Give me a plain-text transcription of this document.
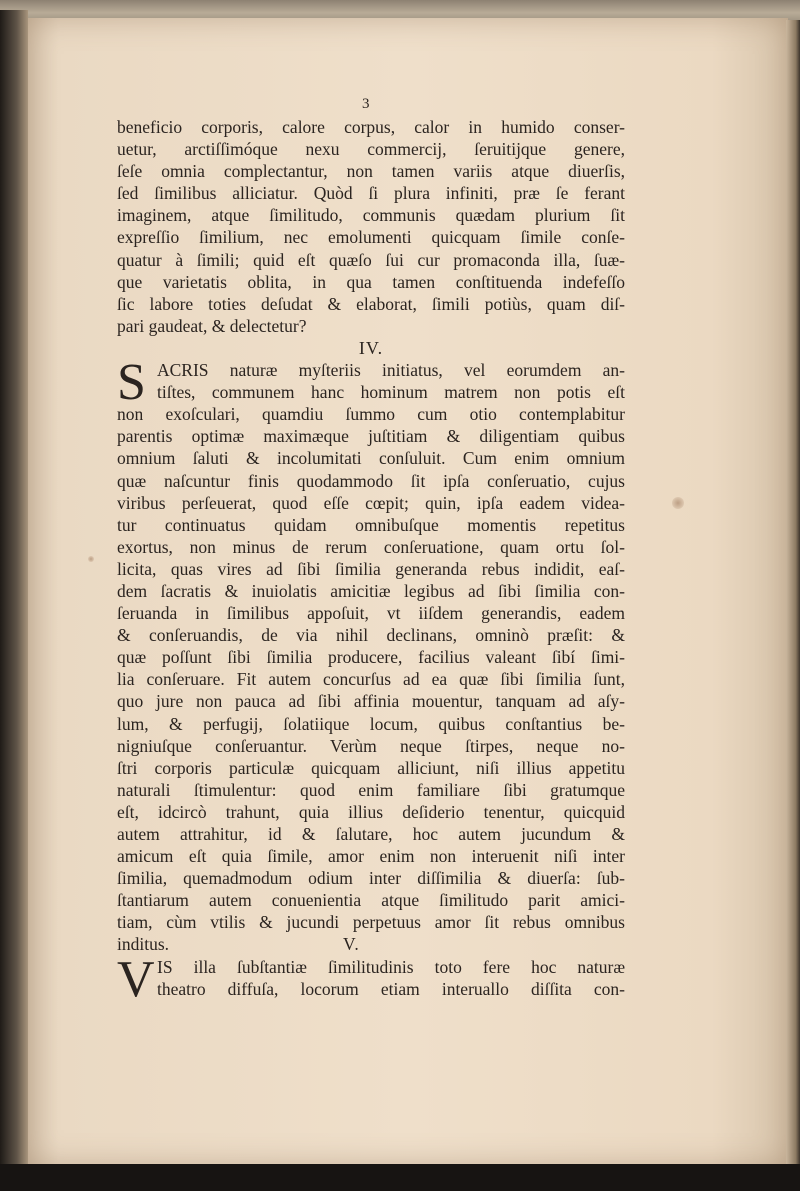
3
beneficio corporis, calore corpus, calor in humido conser-
uetur, arctiſſimóque nexu commercij, ſeruitijque genere,
ſeſe omnia complectantur, non tamen variis atque diuerſis,
ſed ſimilibus alliciatur. Quòd ſi plura infiniti, præ ſe ferant
imaginem, atque ſimilitudo, communis quædam plurium ſit
expreſſio ſimilium, nec emolumenti quicquam ſimile conſe-
quatur à ſimili; quid eſt quæſo ſui cur promaconda illa, ſuæ-
que varietatis oblita, in qua tamen conſtituenda indefeſſo
ſic labore toties deſudat & elaborat, ſimili potiùs, quam diſ-
pari gaudeat, & delectetur?
IV.
S ACRIS naturæ myſteriis initiatus, vel eorumdem an-
tiſtes, communem hanc hominum matrem non potis eſt
non exoſculari, quamdiu ſummo cum otio contemplabitur
parentis optimæ maximæque juſtitiam & diligentiam quibus
omnium ſaluti & incolumitati conſuluit. Cum enim omnium
quæ naſcuntur finis quodammodo ſit ipſa conſeruatio, cujus
viribus perſeuerat, quod eſſe cœpit; quin, ipſa eadem videa-
tur continuatus quidam omnibuſque momentis repetitus
exortus, non minus de rerum conſeruatione, quam ortu ſol-
licita, quas vires ad ſibi ſimilia generanda rebus indidit, eaſ-
dem ſacratis & inuiolatis amicitiæ legibus ad ſibi ſimilia con-
ſeruanda in ſimilibus appoſuit, vt iiſdem generandis, eadem
& conſeruandis, de via nihil declinans, omninò præſit: &
quæ poſſunt ſibi ſimilia producere, facilius valeant ſibí ſimi-
lia conſeruare. Fit autem concurſus ad ea quæ ſibi ſimilia ſunt,
quo jure non pauca ad ſibi affinia mouentur, tanquam ad aſy-
lum, & perfugij, ſolatiique locum, quibus conſtantius be-
nigniuſque conſeruantur. Verùm neque ſtirpes, neque no-
ſtri corporis particulæ quicquam alliciunt, niſi illius appetitu
naturali ſtimulentur: quod enim familiare ſibi gratumque
eſt, idcircò trahunt, quia illius deſiderio tenentur, quicquid
autem attrahitur, id & ſalutare, hoc autem jucundum &
amicum eſt quia ſimile, amor enim non interuenit niſi inter
ſimilia, quemadmodum odium inter diſſimilia & diuerſa: ſub-
ſtantiarum autem conuenientia atque ſimilitudo parit amici-
tiam, cùm vtilis & jucundi perpetuus amor ſit rebus omnibus
inditus.	V.
V IS illa ſubſtantiæ ſimilitudinis toto fere hoc naturæ
theatro diffuſa, locorum etiam interuallo diſſita con-
